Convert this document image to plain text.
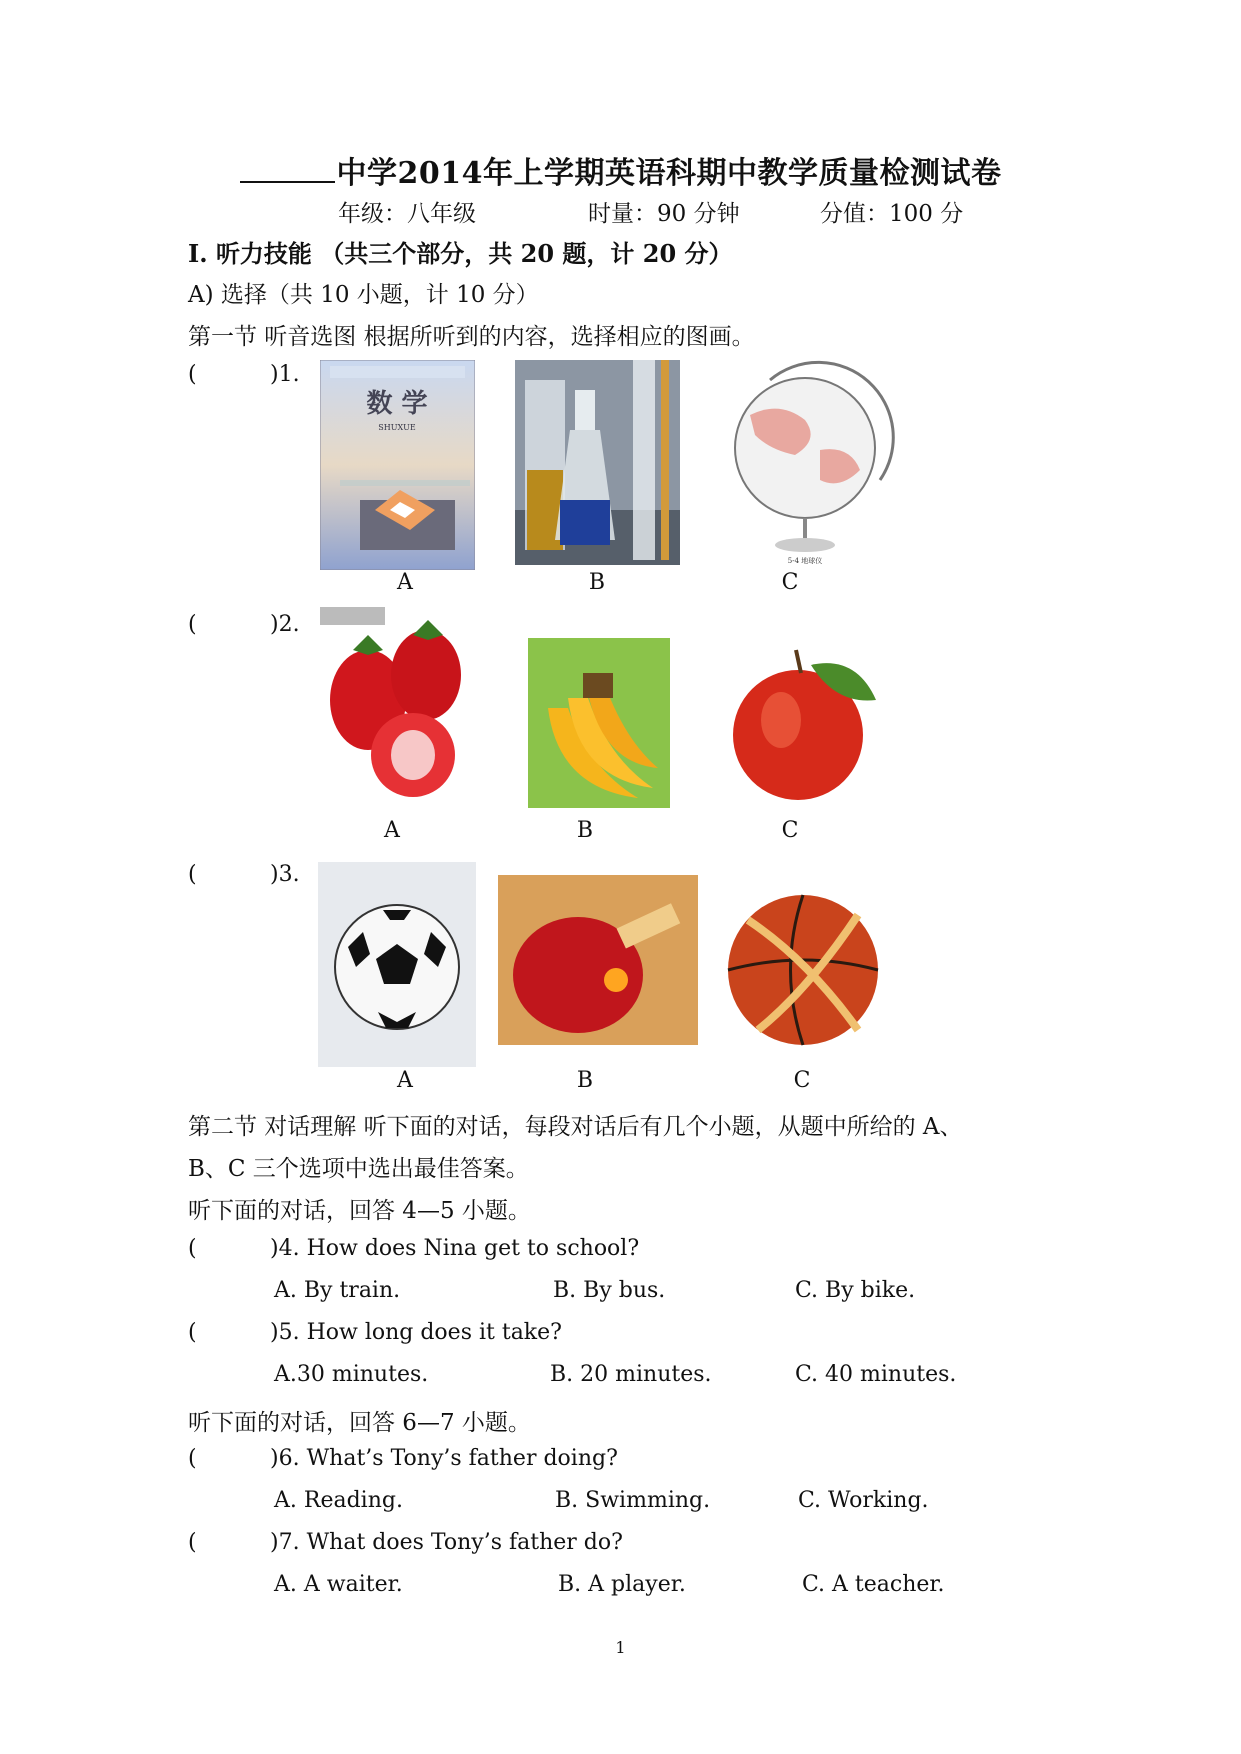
中学2014年上学期英语科期中教学质量检测试卷
年级：八年级	时量：90 分钟	分值：100 分
Ⅰ. 听力技能 （共三个部分，共 20 题，计 20 分）
A) 选择（共 10 小题，计 10 分）
第一节 听音选图 根据所听到的内容，选择相应的图画。
(	)1.
数 学
SHUXUE
5-4 地球仪
A	B	C
(	)2.
A	B	C
(	)3.
A	B	C
第二节 对话理解 听下面的对话，每段对话后有几个小题，从题中所给的 A、
B、C 三个选项中选出最佳答案。
听下面的对话，回答 4—5 小题。
(	)4. How does Nina get to school?
A. By train.	B. By bus.	C. By bike.
(	)5. How long does it take?
A.30 minutes.	B. 20 minutes.	C. 40 minutes.
听下面的对话，回答 6—7 小题。
(	)6. What’s Tony’s father doing?
A. Reading.	B. Swimming.	C. Working.
(	)7. What does Tony’s father do?
A. A waiter.	B. A player.	C. A teacher.
1
